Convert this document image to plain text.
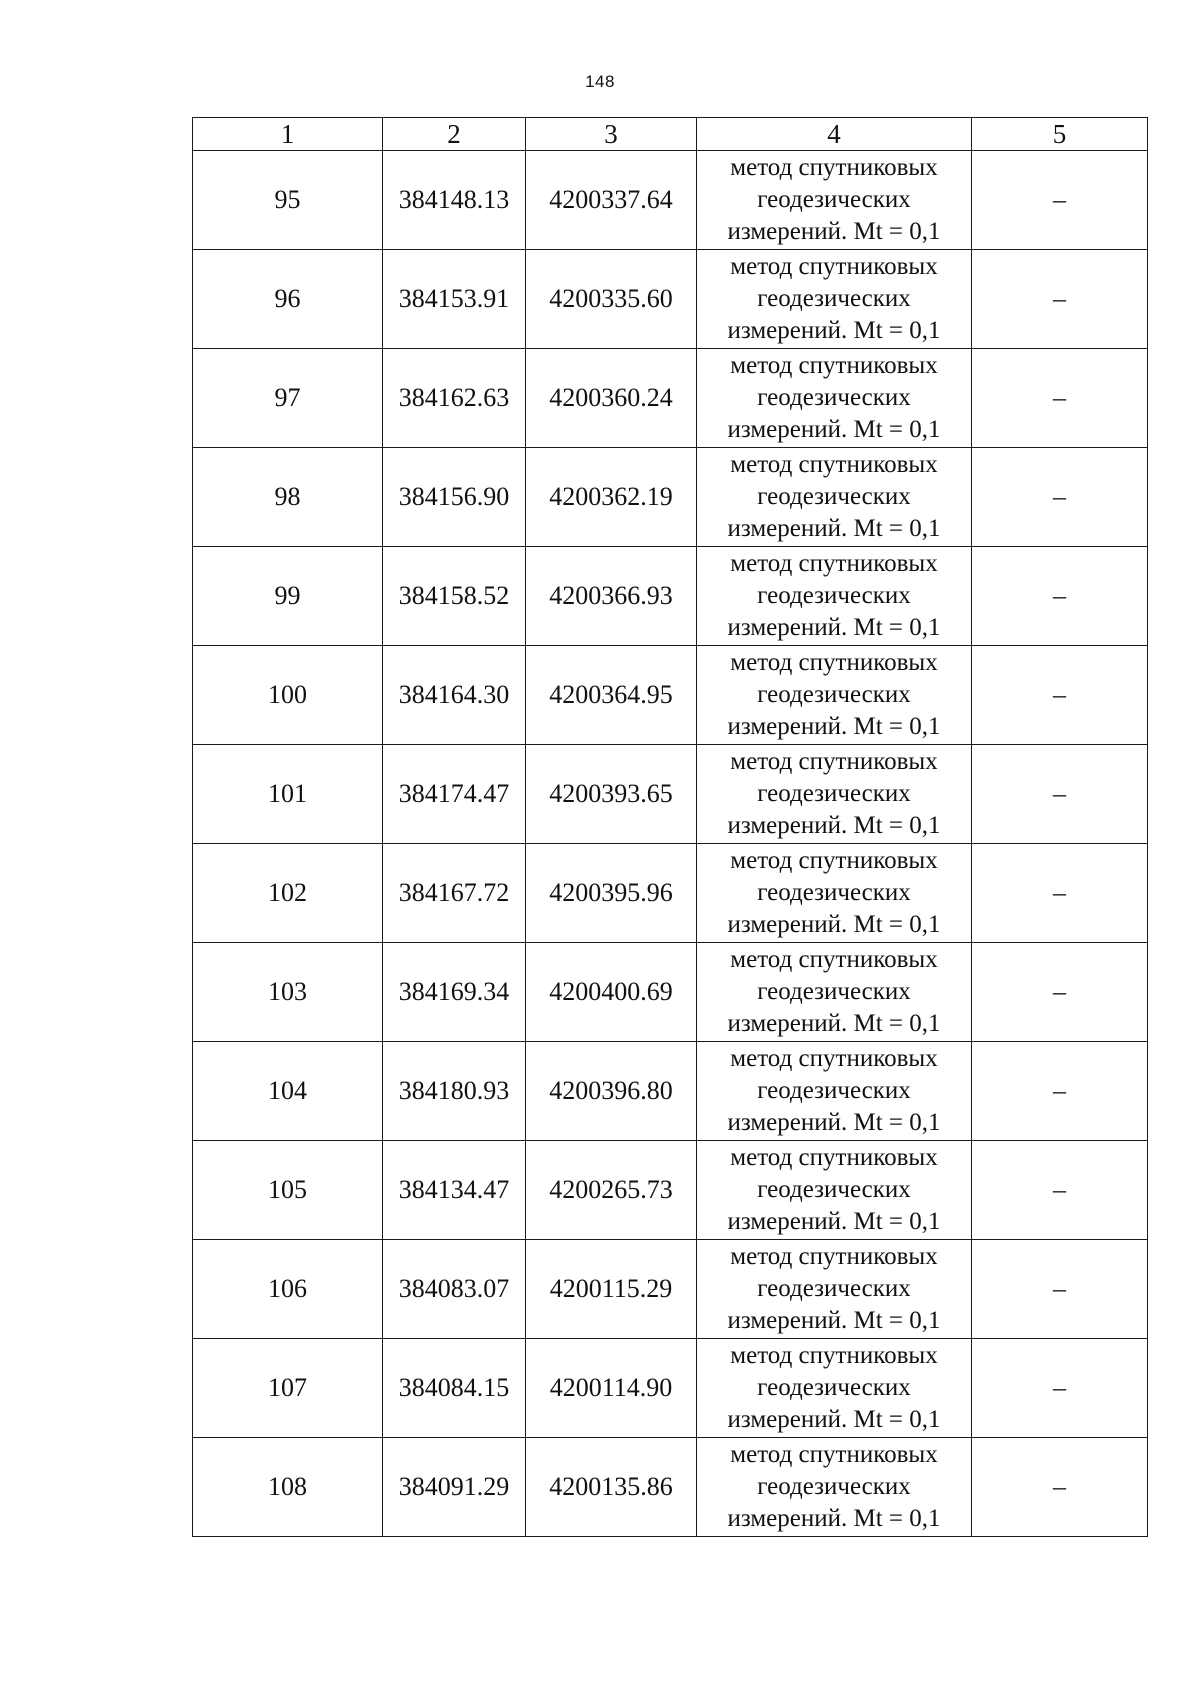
148
1	2	3	4	5
95	384148.13	4200337.64	метод спутниковых
геодезических
измерений. Mt = 0,1	–
96	384153.91	4200335.60	метод спутниковых
геодезических
измерений. Mt = 0,1	–
97	384162.63	4200360.24	метод спутниковых
геодезических
измерений. Mt = 0,1	–
98	384156.90	4200362.19	метод спутниковых
геодезических
измерений. Mt = 0,1	–
99	384158.52	4200366.93	метод спутниковых
геодезических
измерений. Mt = 0,1	–
100	384164.30	4200364.95	метод спутниковых
геодезических
измерений. Mt = 0,1	–
101	384174.47	4200393.65	метод спутниковых
геодезических
измерений. Mt = 0,1	–
102	384167.72	4200395.96	метод спутниковых
геодезических
измерений. Mt = 0,1	–
103	384169.34	4200400.69	метод спутниковых
геодезических
измерений. Mt = 0,1	–
104	384180.93	4200396.80	метод спутниковых
геодезических
измерений. Mt = 0,1	–
105	384134.47	4200265.73	метод спутниковых
геодезических
измерений. Mt = 0,1	–
106	384083.07	4200115.29	метод спутниковых
геодезических
измерений. Mt = 0,1	–
107	384084.15	4200114.90	метод спутниковых
геодезических
измерений. Mt = 0,1	–
108	384091.29	4200135.86	метод спутниковых
геодезических
измерений. Mt = 0,1	–
